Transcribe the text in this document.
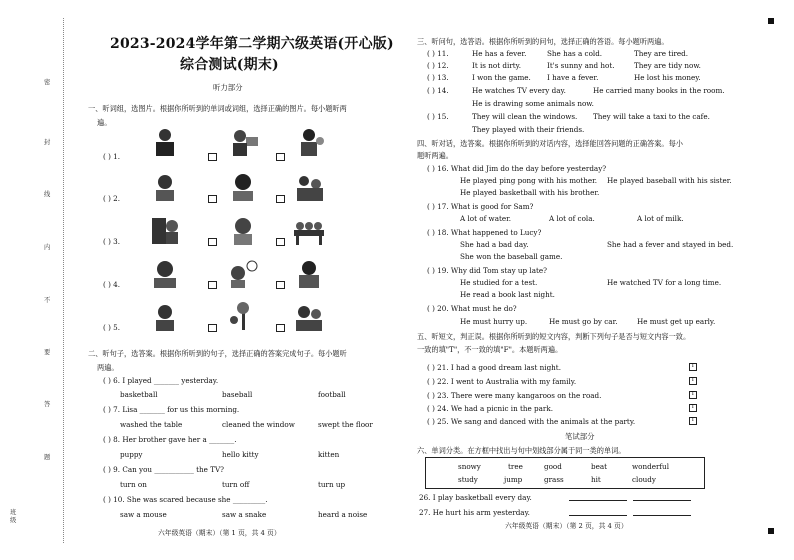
密
封
线
内
不
要
答
题
班
级
2023-2024学年第二学期六级英语(开心版)
综合测试(期末)
听力部分
一、听词组，选图片。根据你所听到的单词或词组，选择正确的图片。每小题听两
遍。
( ) 1.
( ) 2.
( ) 3.
( ) 4.
( ) 5.
二、听句子，选答案。根据你所听到的句子，选择正确的答案完成句子。每小题听
两遍。
( ) 6. I played _______ yesterday.
basketball	baseball	football
( ) 7. Lisa _______ for us this morning.
washed the table	cleaned the window	swept the floor
( ) 8. Her brother gave her a _______.
puppy	hello kitty	kitten
( ) 9. Can you ___________ the TV?
turn on	turn off	turn up
( ) 10. She was scared because she _________.
saw a mouse	saw a snake	heard a noise
六年级英语（期末）（第 1 页，共 4 页）
三、听问句，选答语。根据你所听到的问句，选择正确的答语。每小题听两遍。
( ) 11.	He has a fever.	She has a cold.	They are tired.
( ) 12.	It is not dirty.	It's sunny and hot.	They are tidy now.
( ) 13.	I won the game. I have a fever.	He lost his money.
( ) 14.	He watches TV every day.	He carried many books in the room.
He is drawing some animals now.
( ) 15.	They will clean the windows. They will take a taxi to the cafe.
They played with their friends.
四、听对话，选答案。根据你所听到的对话内容，选择能回答问题的正确答案。每小
题听两遍。
( ) 16. What did Jim do the day before yesterday?
He played ping pong with his mother. He played baseball with his sister.
He played basketball with his brother.
( ) 17. What is good for Sam?
A lot of water.	A lot of cola.	A lot of milk.
( ) 18. What happened to Lucy?
She had a bad day.	She had a fever and stayed in bed.
She won the baseball game.
( ) 19. Why did Tom stay up late?
He studied for a test.	He watched TV for a long time.
He read a book last night.
( ) 20. What must he do?
He must hurry up.	He must go by car.	He must get up early.
五、听短文，判正误。根据你所听到的短文内容，判断下列句子是否与短文内容一致。
一致的填"T"，不一致的填"F"。本题听两遍。
( ) 21. I had a good dream last night.	T
( ) 22. I went to Australia with my family.	T
( ) 23. There were many kangaroos on the road.	T
( ) 24. We had a picnic in the park.	T
( ) 25. We sang and danced with the animals at the party.	T
笔试部分
六、单词分类。在方框中找出与句中划线部分属于同一类的单词。
snowy	tree	good	beat	wonderful
study	jump	grass	hit	cloudy
26. I play basketball every day.
27. He hurt his arm yesterday.
六年级英语（期末）（第 2 页，共 4 页）
